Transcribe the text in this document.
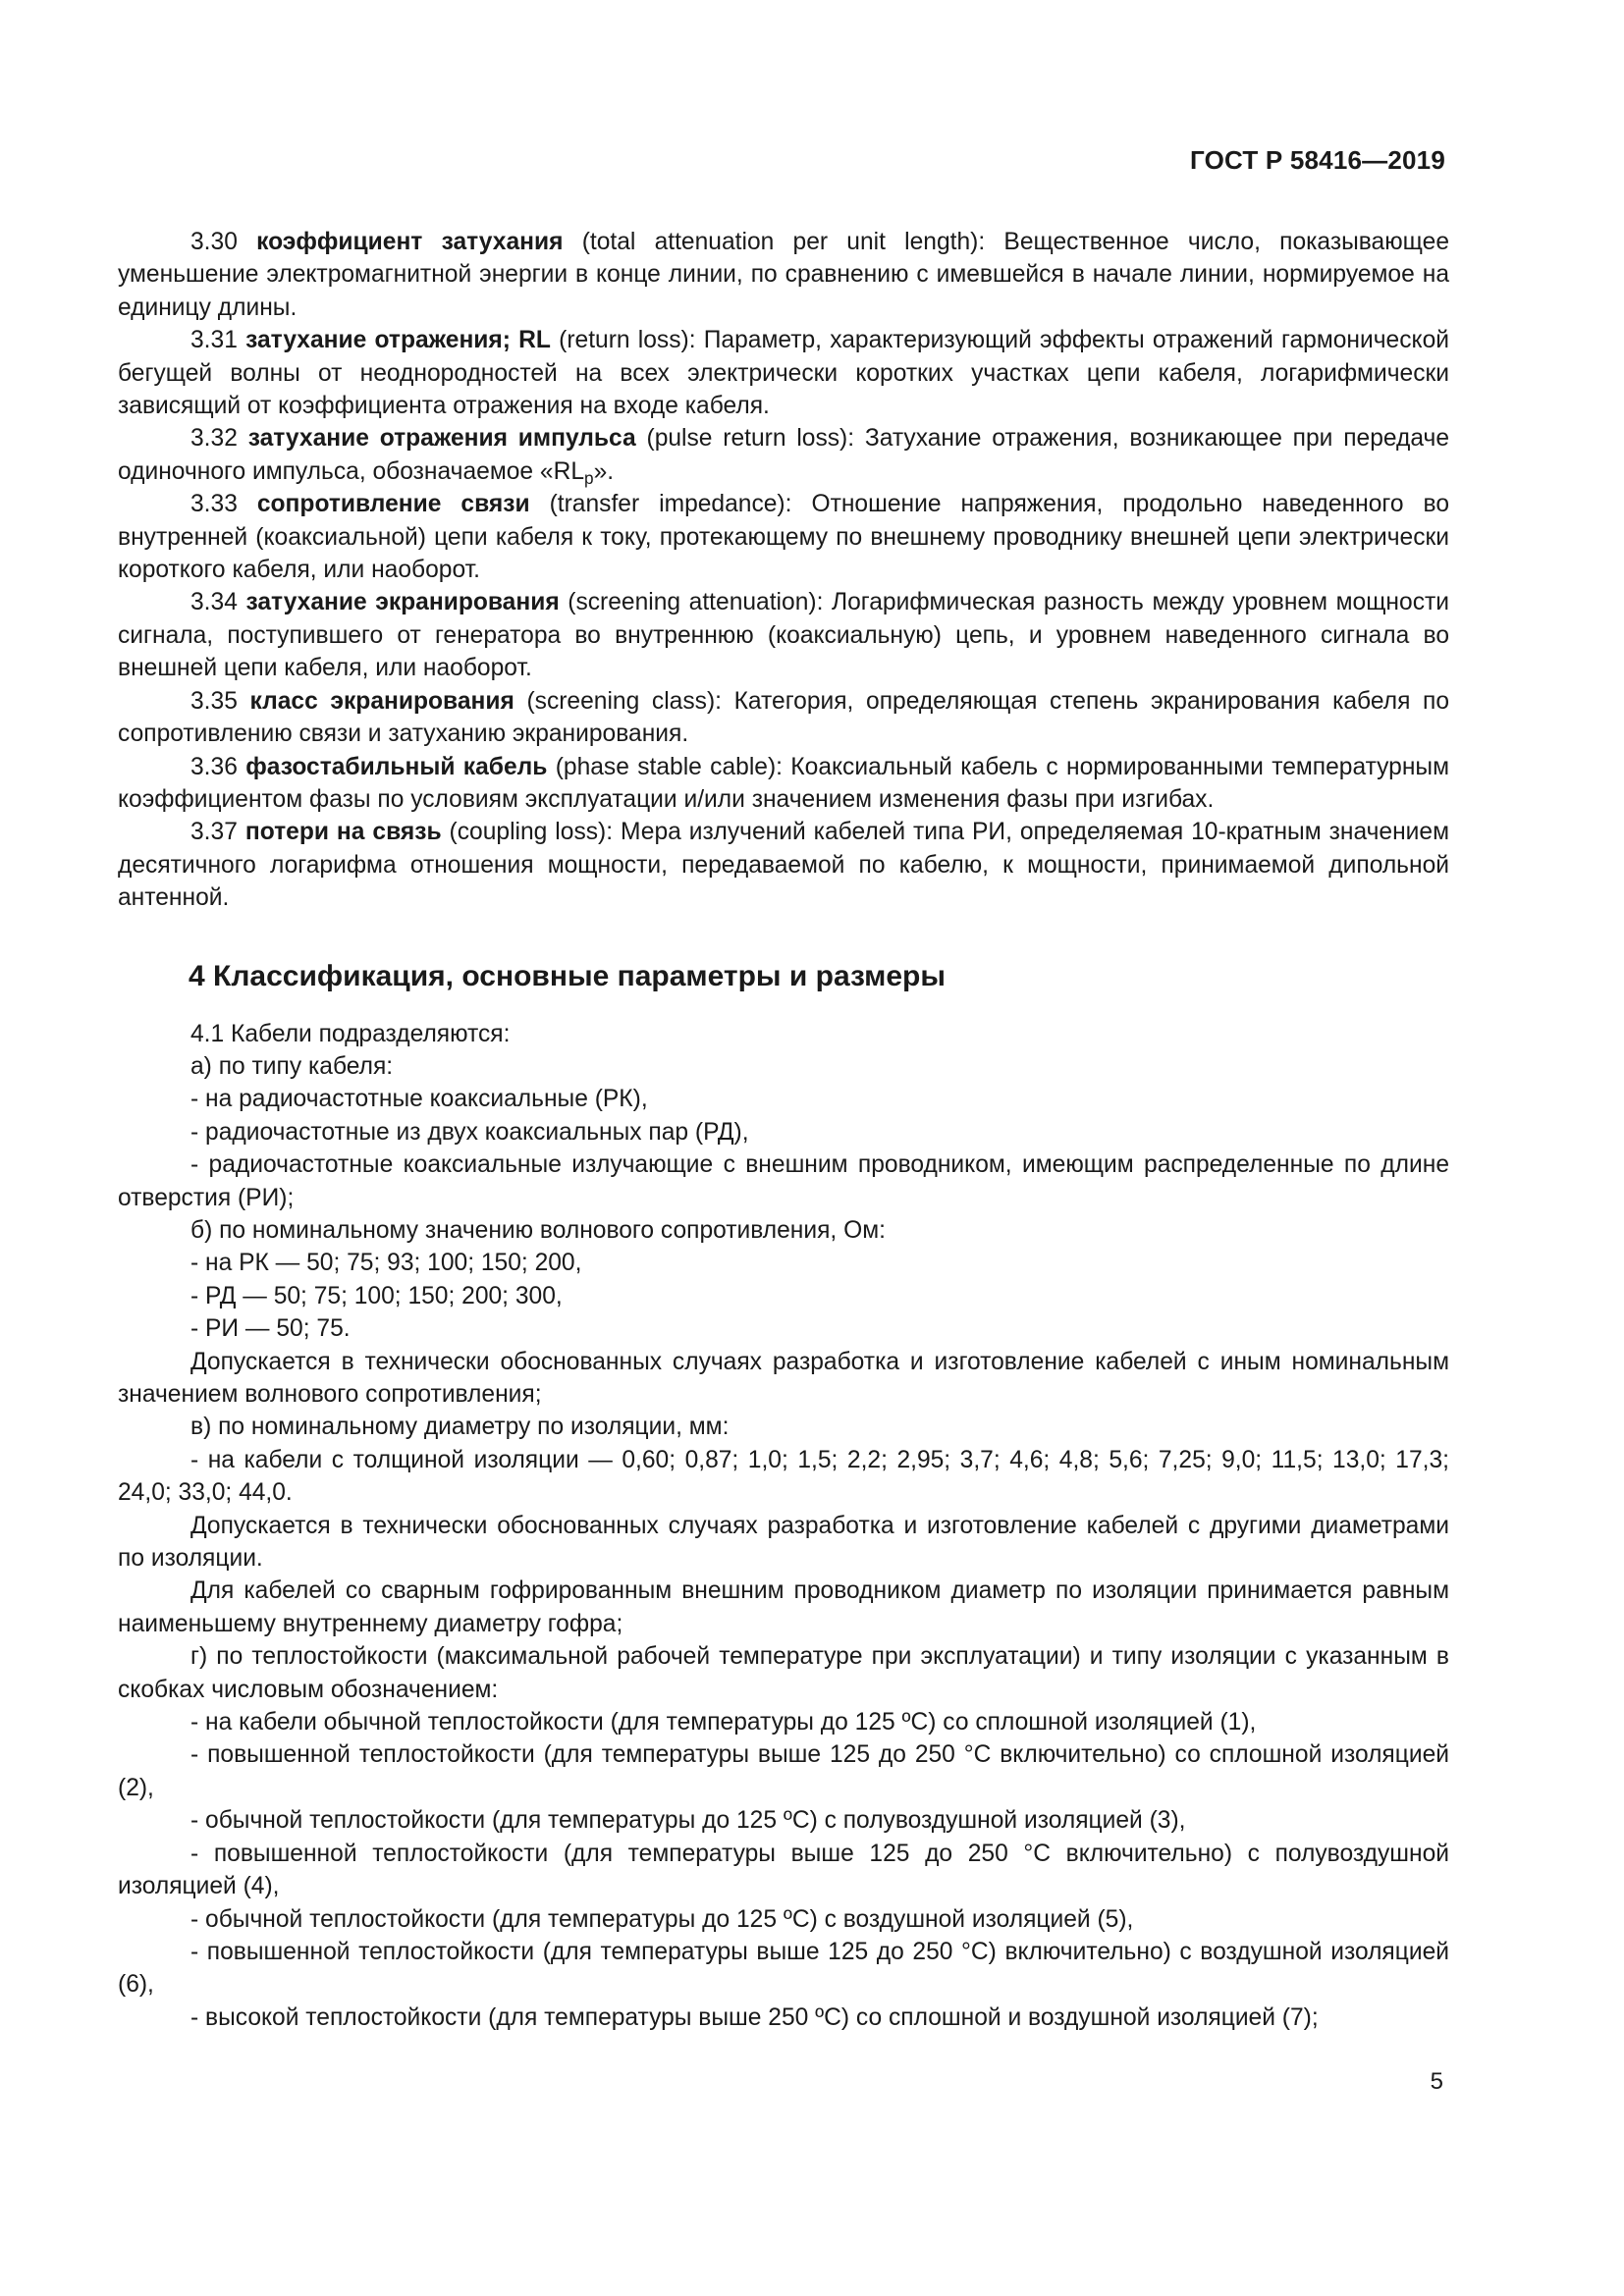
ГОСТ Р 58416—2019

3.30 коэффициент затухания (total attenuation per unit length): Вещественное число, показывающее уменьшение электромагнитной энергии в конце линии, по сравнению с имевшейся в начале линии, нормируемое на единицу длины.

3.31 затухание отражения; RL (return loss): Параметр, характеризующий эффекты отражений гармонической бегущей волны от неоднородностей на всех электрически коротких участках цепи кабеля, логарифмически зависящий от коэффициента отражения на входе кабеля.

3.32 затухание отражения импульса (pulse return loss): Затухание отражения, возникающее при передаче одиночного импульса, обозначаемое «$RL_p$».

3.33 сопротивление связи (transfer impedance): Отношение напряжения, продольно наведенного во внутренней (коаксиальной) цепи кабеля к току, протекающему по внешнему проводнику внешней цепи электрически короткого кабеля, или наоборот.

3.34 затухание экранирования (screening attenuation): Логарифмическая разность между уровнем мощности сигнала, поступившего от генератора во внутреннюю (коаксиальную) цепь, и уровнем наведенного сигнала во внешней цепи кабеля, или наоборот.

3.35 класс экранирования (screening class): Категория, определяющая степень экранирования кабеля по сопротивлению связи и затуханию экранирования.

3.36 фазостабильный кабель (phase stable cable): Коаксиальный кабель с нормированными температурным коэффициентом фазы по условиям эксплуатации и/или значением изменения фазы при изгибах.

3.37 потери на связь (coupling loss): Мера излучений кабелей типа РИ, определяемая 10-кратным значением десятичного логарифма отношения мощности, передаваемой по кабелю, к мощности, принимаемой дипольной антенной.

4 Классификация, основные параметры и размеры

4.1 Кабели подразделяются:

а) по типу кабеля:

- на радиочастотные коаксиальные (РК),

- радиочастотные из двух коаксиальных пар (РД),

- радиочастотные коаксиальные излучающие с внешним проводником, имеющим распределенные по длине отверстия (РИ);

б) по номинальному значению волнового сопротивления, Ом:

- на РК — 50; 75; 93; 100; 150; 200,

- РД — 50; 75; 100; 150; 200; 300,

- РИ — 50; 75.

Допускается в технически обоснованных случаях разработка и изготовление кабелей с иным номинальным значением волнового сопротивления;

в) по номинальному диаметру по изоляции, мм:

- на кабели с толщиной изоляции — 0,60; 0,87; 1,0; 1,5; 2,2; 2,95; 3,7; 4,6; 4,8; 5,6; 7,25; 9,0; 11,5; 13,0; 17,3; 24,0; 33,0; 44,0.

Допускается в технически обоснованных случаях разработка и изготовление кабелей с другими диаметрами по изоляции.

Для кабелей со сварным гофрированным внешним проводником диаметр по изоляции принимается равным наименьшему внутреннему диаметру гофра;

г) по теплостойкости (максимальной рабочей температуре при эксплуатации) и типу изоляции с указанным в скобках числовым обозначением:

- на кабели обычной теплостойкости (для температуры до 125 ºС) со сплошной изоляцией (1),

- повышенной теплостойкости (для температуры выше 125 до 250 °С включительно) со сплошной изоляцией (2),

- обычной теплостойкости (для температуры до 125 ºС) с полувоздушной изоляцией (3),

- повышенной теплостойкости (для температуры выше 125 до 250 °С включительно) с полувоздушной изоляцией (4),

- обычной теплостойкости (для температуры до 125 ºС) с воздушной изоляцией (5),

- повышенной теплостойкости (для температуры выше 125 до 250 °С) включительно) с воздушной изоляцией (6),

- высокой теплостойкости (для температуры выше 250 ºС) со сплошной и воздушной изоляцией (7);

5
